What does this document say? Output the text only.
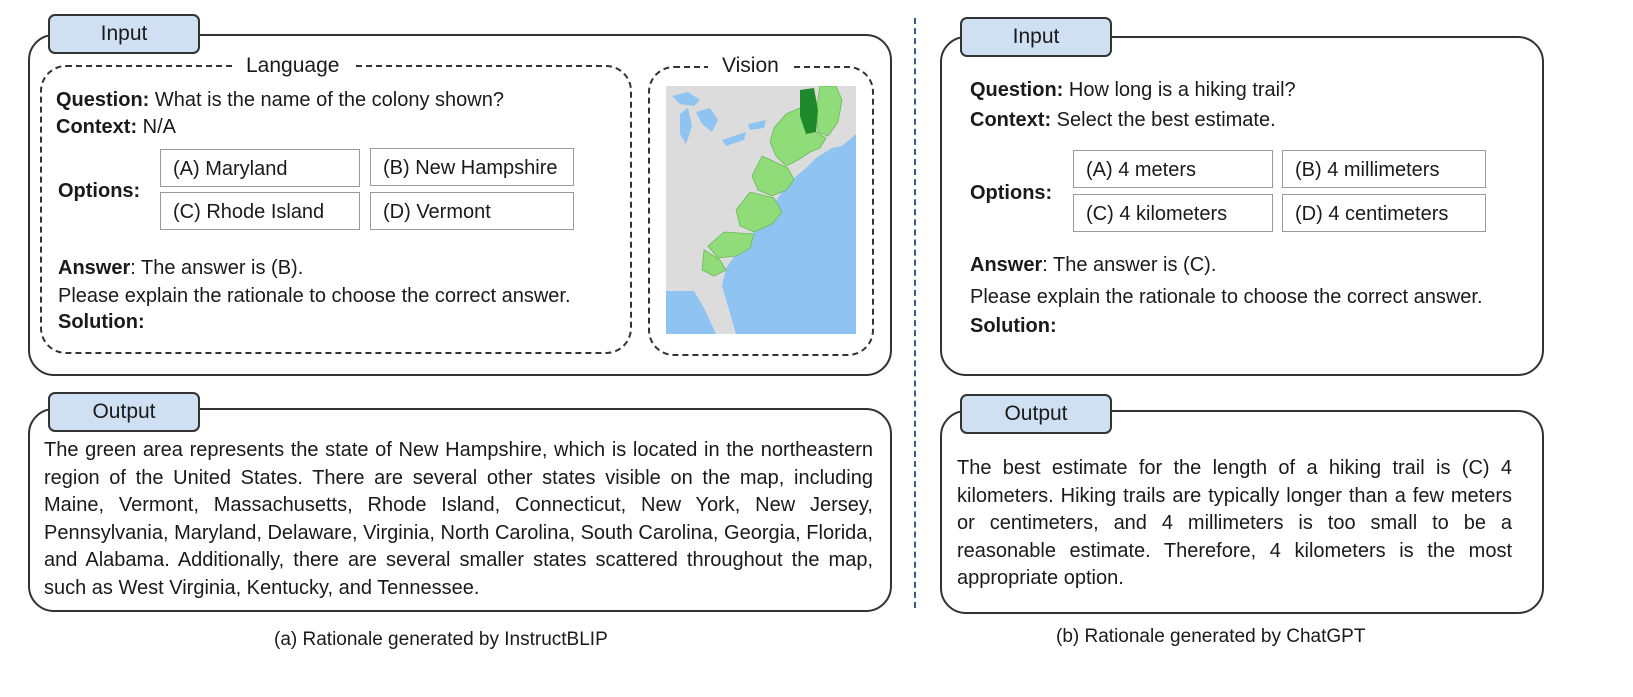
Input
Language
Question: What is the name of the colony shown?
Context: N/A
Options:
(A) Maryland	(B) New Hampshire
(C) Rhode Island	(D) Vermont
Answer: The answer is (B).
Please explain the rationale to choose the correct answer.
Solution:
Vision
Output
The green area represents the state of New Hampshire, which is located in the northeastern region of the United States. There are several other states visible on the map, including Maine, Vermont, Massachusetts, Rhode Island, Connecticut, New York, New Jersey, Pennsylvania, Maryland, Delaware, Virginia, North Carolina, South Carolina, Georgia, Florida, and Alabama. Additionally, there are several smaller states scattered throughout the map, such as West Virginia, Kentucky, and Tennessee.
(a) Rationale generated by InstructBLIP
Input
Question: How long is a hiking trail?
Context: Select the best estimate.
Options:
(A) 4 meters	(B) 4 millimeters
(C) 4 kilometers	(D) 4 centimeters
Answer: The answer is (C).
Please explain the rationale to choose the correct answer.
Solution:
Output
The best estimate for the length of a hiking trail is (C) 4 kilometers. Hiking trails are typically longer than a few meters or centimeters, and 4 millimeters is too small to be a reasonable estimate. Therefore, 4 kilometers is the most appropriate option.
(b) Rationale generated by ChatGPT
